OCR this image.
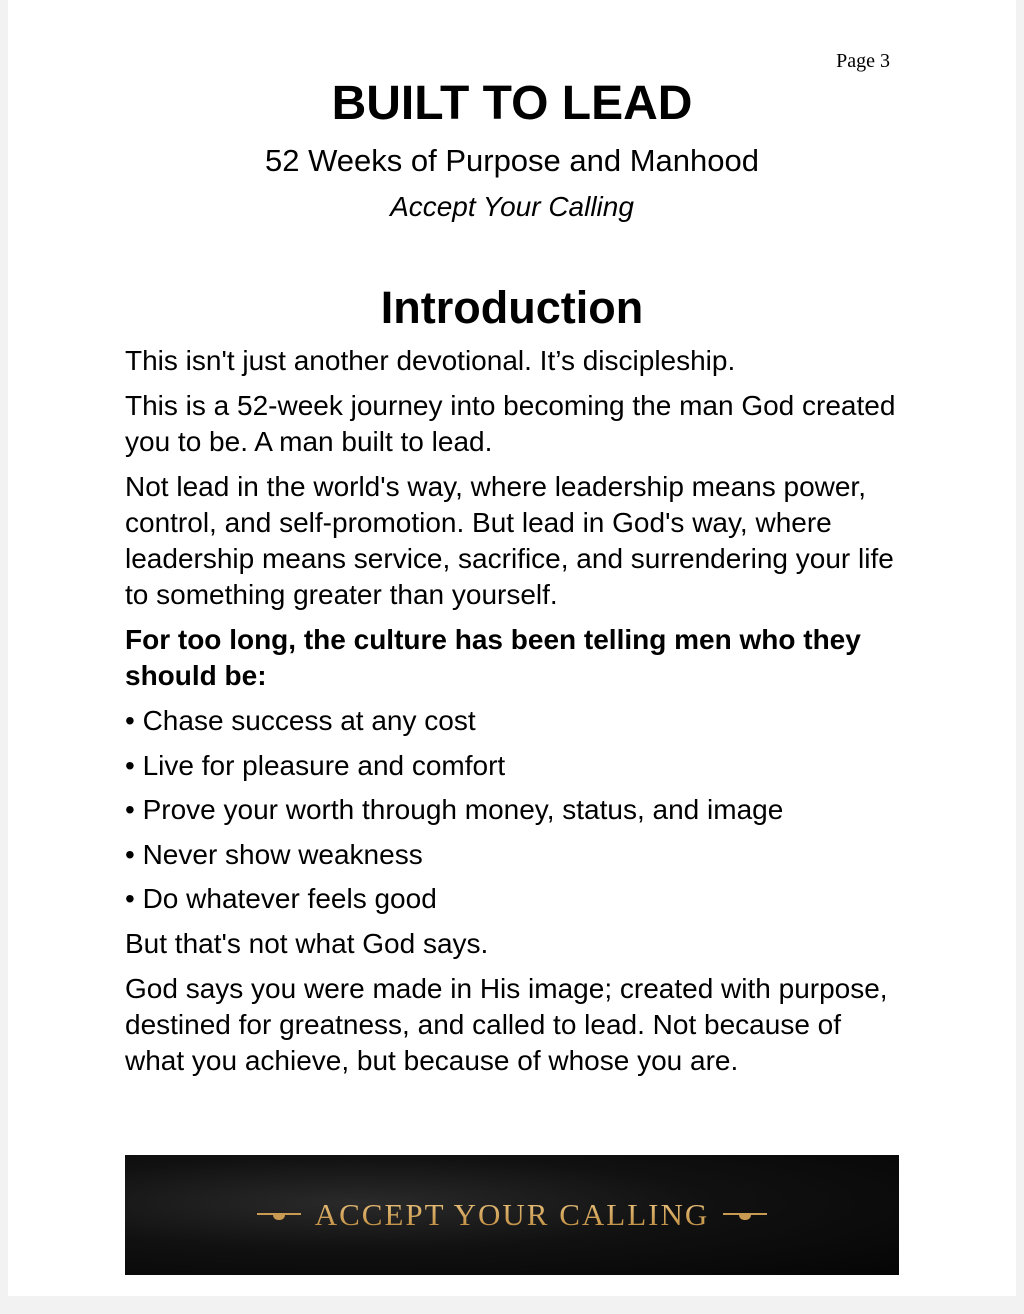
Page 3
BUILT TO LEAD
52 Weeks of Purpose and Manhood
Accept Your Calling
Introduction

This isn't just another devotional. It’s discipleship.

This is a 52-week journey into becoming the man God created you to be. A man built to lead.

Not lead in the world's way, where leadership means power, control, and self-promotion. But lead in God's way, where leadership means service, sacrifice, and surrendering your life to something greater than yourself.

For too long, the culture has been telling men who they should be:

• Chase success at any cost
• Live for pleasure and comfort
• Prove your worth through money, status, and image
• Never show weakness
• Do whatever feels good

But that's not what God says.

God says you were made in His image; created with purpose, destined for greatness, and called to lead. Not because of what you achieve, but because of whose you are.

ACCEPT YOUR CALLING
